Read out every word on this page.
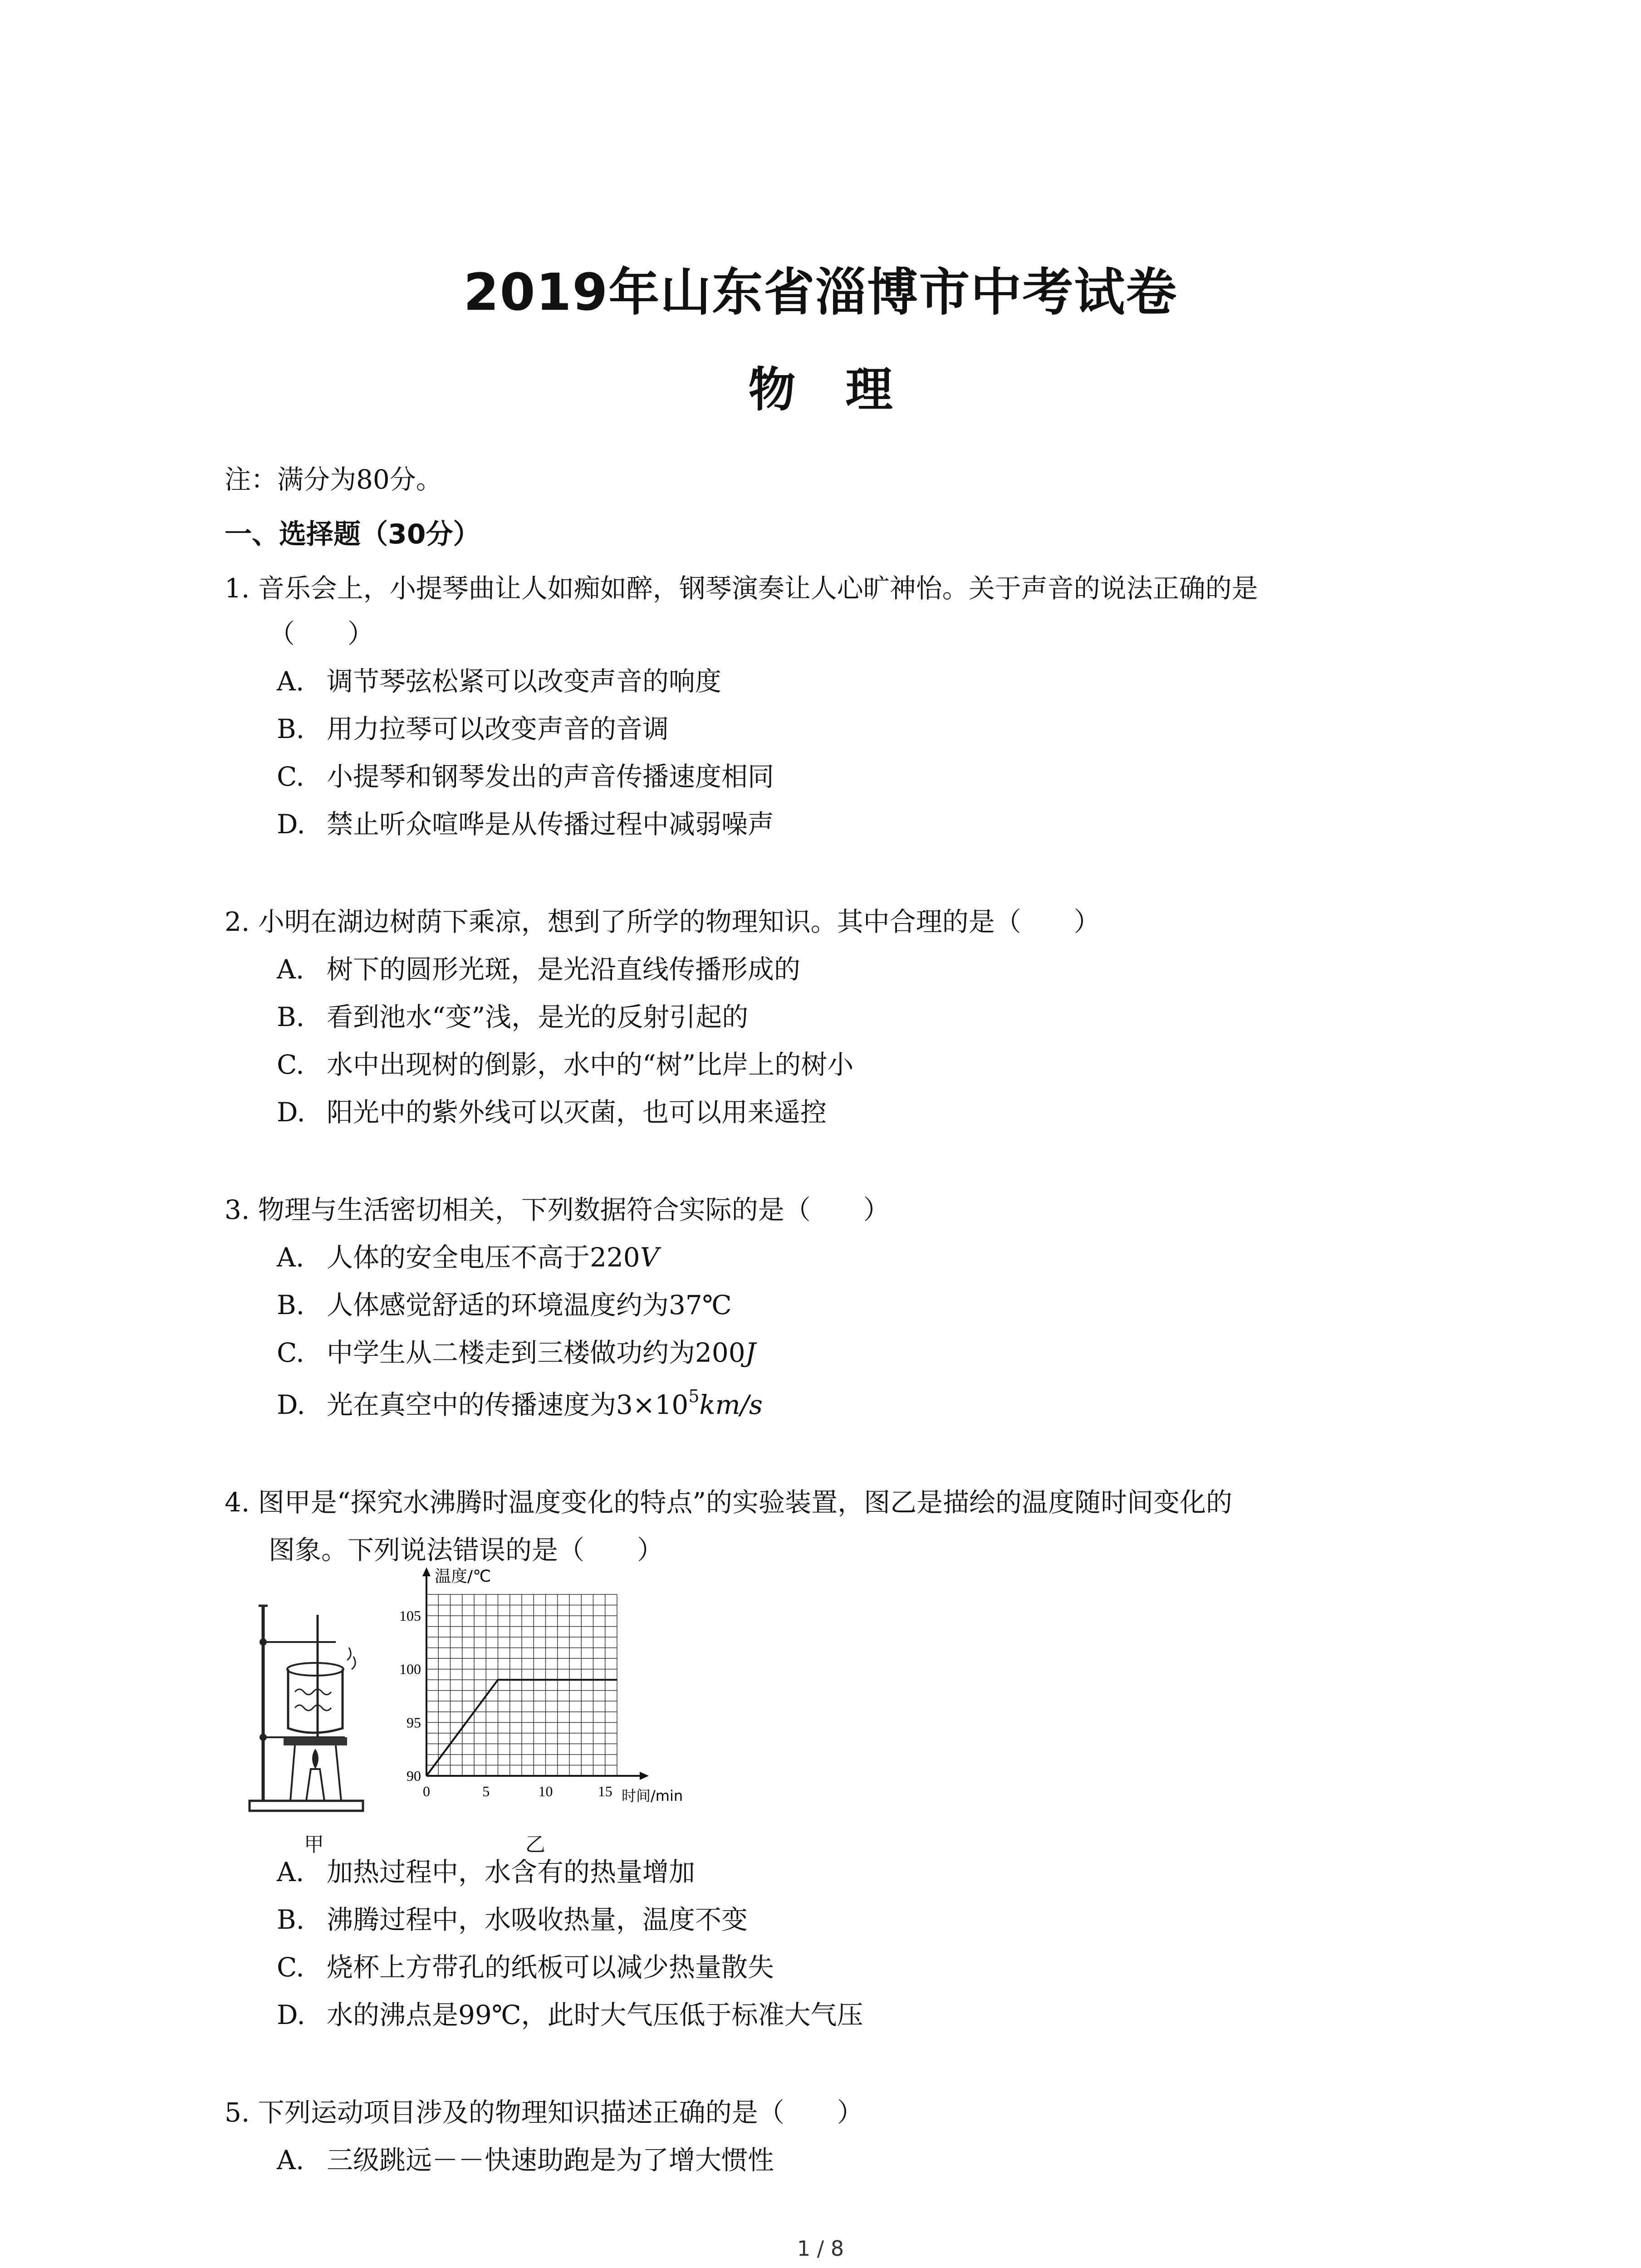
2019年山东省淄博市中考试卷
物理
注：满分为80分。
一、选择题（30分）
1. 音乐会上，小提琴曲让人如痴如醉，钢琴演奏让人心旷神怡。关于声音的说法正确的是
（　　）
A. 调节琴弦松紧可以改变声音的响度
B. 用力拉琴可以改变声音的音调
C. 小提琴和钢琴发出的声音传播速度相同
D. 禁止听众喧哗是从传播过程中减弱噪声
2. 小明在湖边树荫下乘凉，想到了所学的物理知识。其中合理的是（　　）
A. 树下的圆形光斑，是光沿直线传播形成的
B. 看到池水“变”浅，是光的反射引起的
C. 水中出现树的倒影，水中的“树”比岸上的树小
D. 阳光中的紫外线可以灭菌，也可以用来遥控
3. 物理与生活密切相关，下列数据符合实际的是（　　）
A. 人体的安全电压不高于220V
B. 人体感觉舒适的环境温度约为37℃
C. 中学生从二楼走到三楼做功约为200J
D. 光在真空中的传播速度为$3\times 10^5km/s$
4. 图甲是“探究水沸腾时温度变化的特点”的实验装置，图乙是描绘的温度随时间变化的
图象。下列说法错误的是（　　）
甲
0	5	10	15
90
95
100
105
温度/℃
时间/min
乙
A. 加热过程中，水含有的热量增加
B. 沸腾过程中，水吸收热量，温度不变
C. 烧杯上方带孔的纸板可以减少热量散失
D. 水的沸点是99℃，此时大气压低于标准大气压
5. 下列运动项目涉及的物理知识描述正确的是（　　）
A. 三级跳远－－快速助跑是为了增大惯性
1 / 8
